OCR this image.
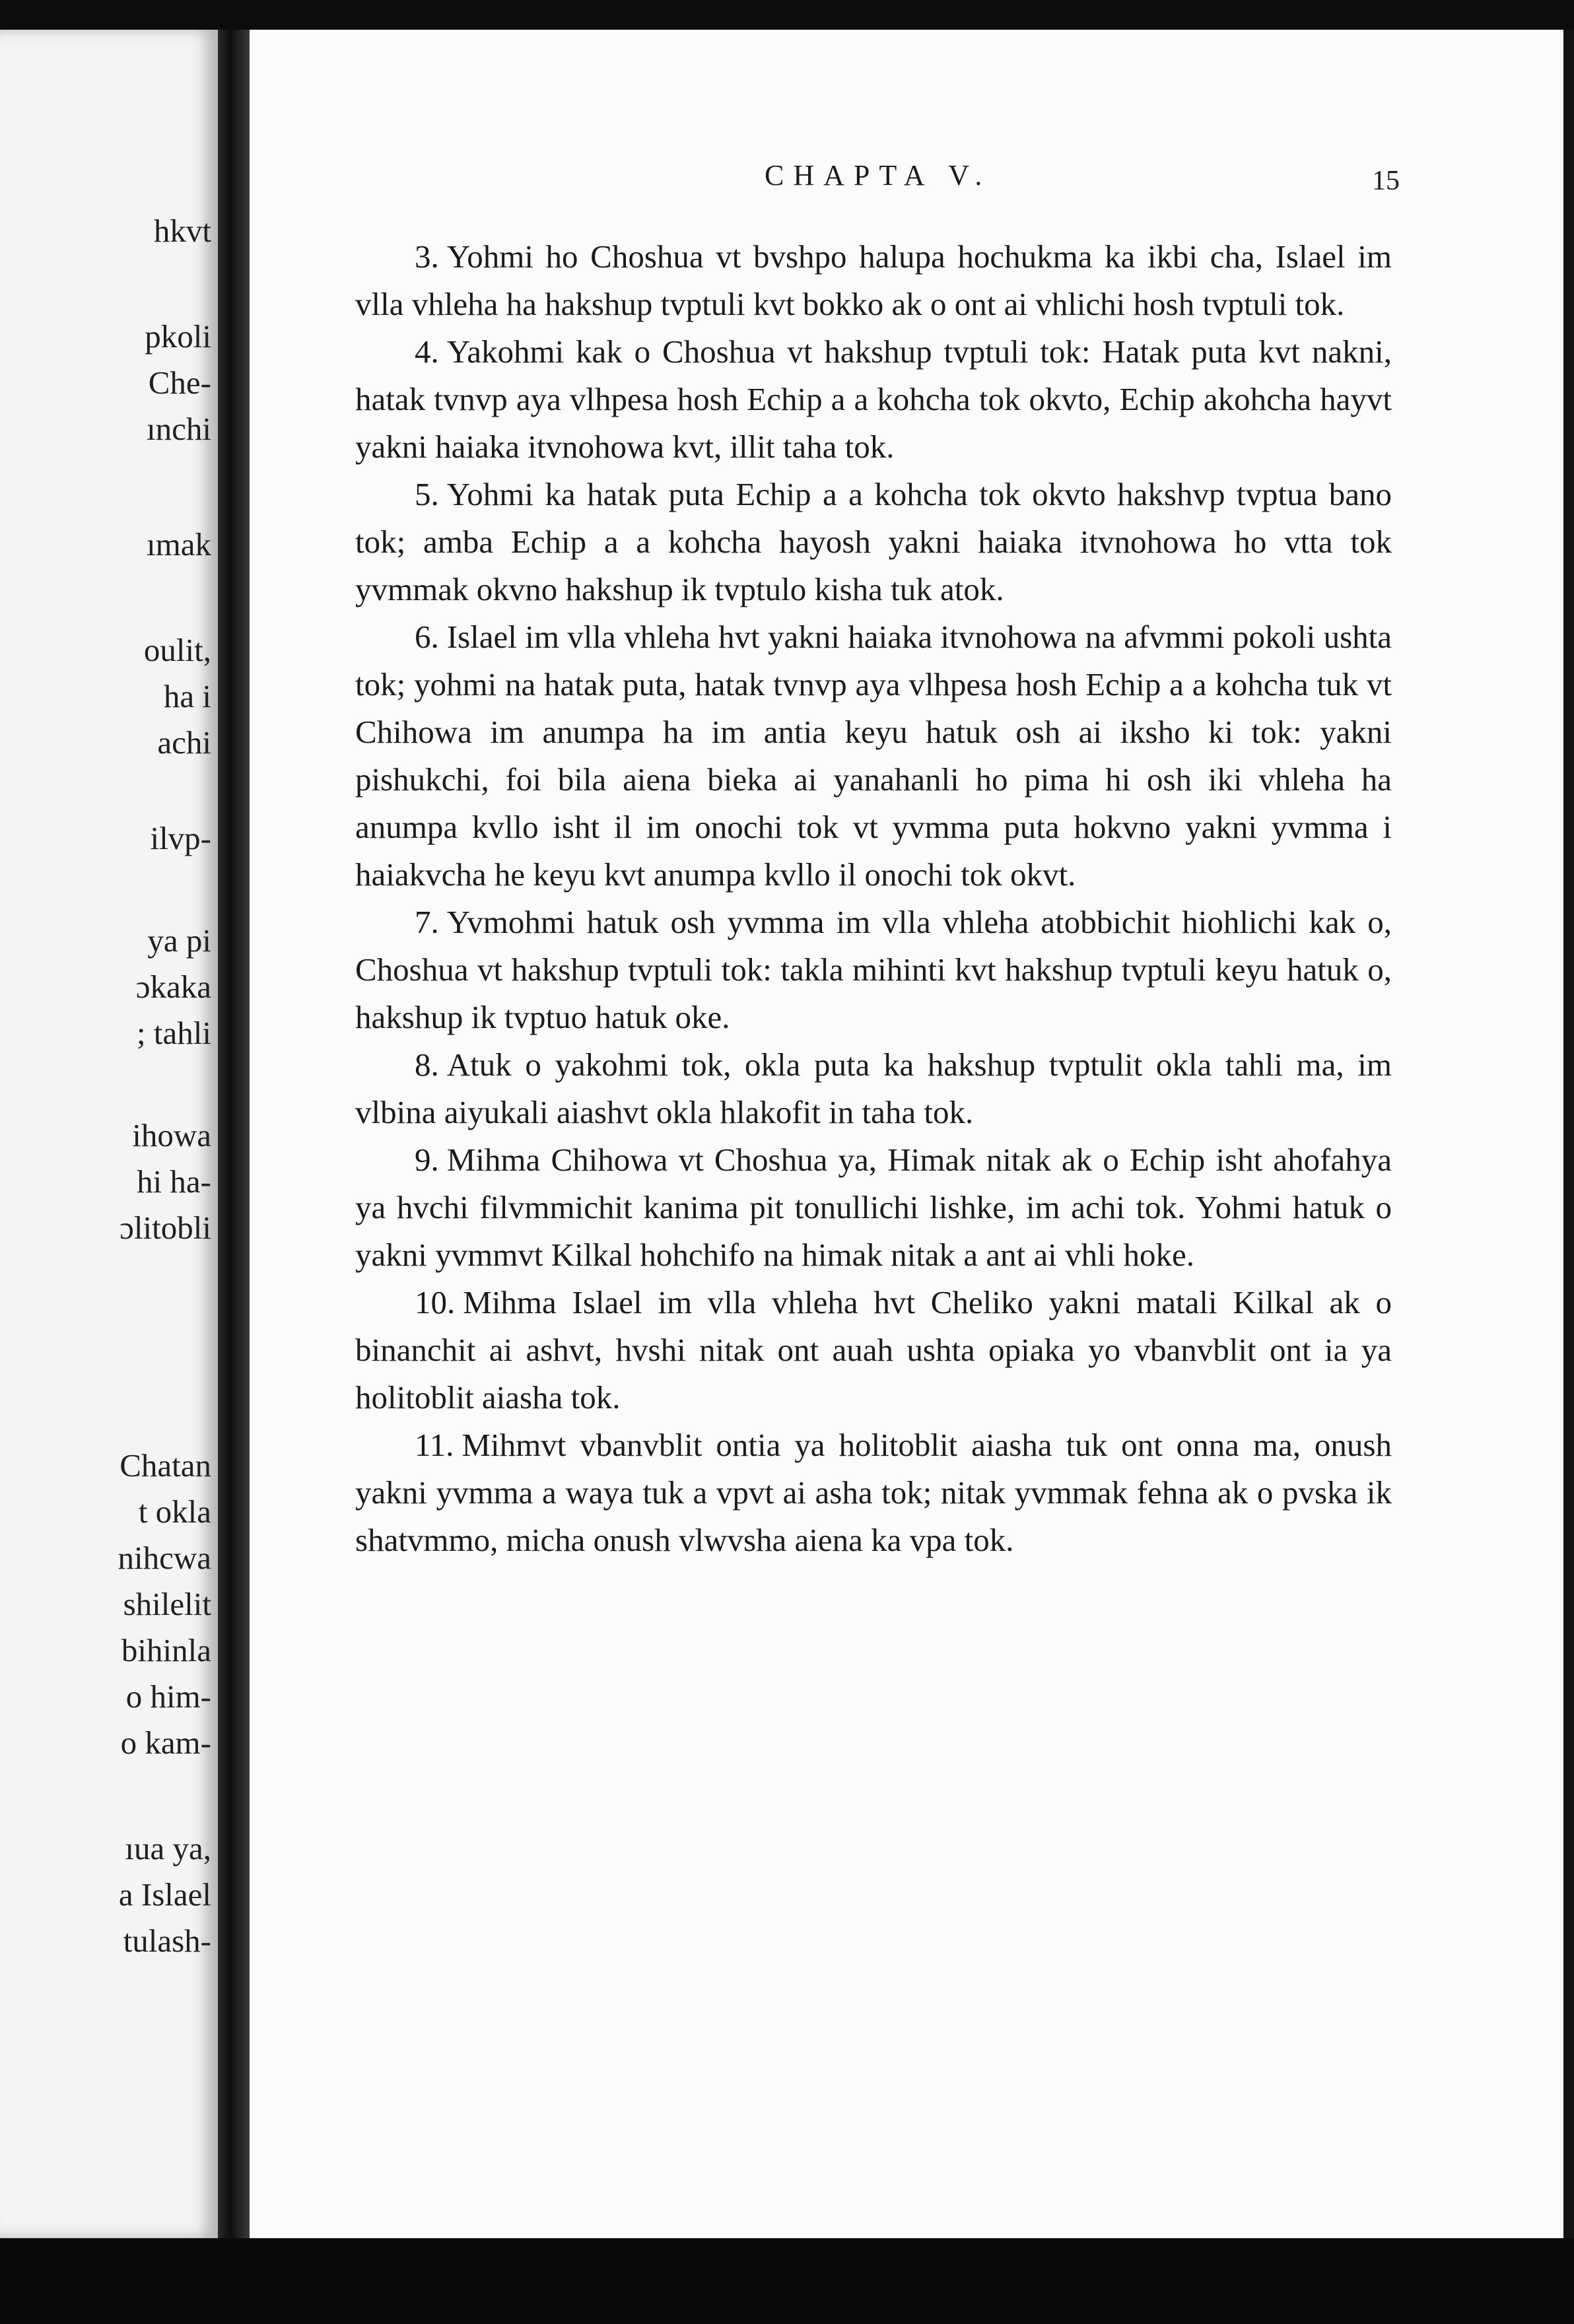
hkvt
pkoli
Che-
ınchi
ımak
oulit,
ha i
achi
ilvp-
ya pi
ɔkaka
; tahli
ihowa
hi ha-
ɔlitobli
Chatan
t okla
nihcwa
shilelit
bihinla
o him-
o kam-
ıua ya,
a Islael
tulash-
CHAPTA V.	15

3. Yohmi ho Choshua vt bvshpo halupa hochukma ka ikbi cha, Islael im vlla vhleha ha hakshup tvptuli kvt bokko ak o ont ai vhlichi hosh tvptuli tok.

4. Yakohmi kak o Choshua vt hakshup tvptuli tok: Hatak puta kvt nakni, hatak tvnvp aya vlhpesa hosh Echip a a kohcha tok okvto, Echip akohcha hayvt yakni haiaka itvnohowa kvt, illit taha tok.

5. Yohmi ka hatak puta Echip a a kohcha tok okvto hakshvp tvptua bano tok; amba Echip a a kohcha hayosh yakni haiaka itvnohowa ho vtta tok yvmmak okvno hakshup ik tvptulo kisha tuk atok.

6. Islael im vlla vhleha hvt yakni haiaka itvnohowa na afvmmi pokoli ushta tok; yohmi na hatak puta, hatak tvnvp aya vlhpesa hosh Echip a a kohcha tuk vt Chihowa im anumpa ha im antia keyu hatuk osh ai iksho ki tok: yakni pishukchi, foi bila aiena bieka ai yanahanli ho pima hi osh iki vhleha ha anumpa kvllo isht il im onochi tok vt yvmma puta hokvno yakni yvmma i haiakvcha he keyu kvt anumpa kvllo il onochi tok okvt.

7. Yvmohmi hatuk osh yvmma im vlla vhleha atobbichit hiohlichi kak o, Choshua vt hakshup tvptuli tok: takla mihinti kvt hakshup tvptuli keyu hatuk o, hakshup ik tvptuo hatuk oke.

8. Atuk o yakohmi tok, okla puta ka hakshup tvptulit okla tahli ma, im vlbina aiyukali aiashvt okla hlakofit in taha tok.

9. Mihma Chihowa vt Choshua ya, Himak nitak ak o Echip isht ahofahya ya hvchi filvmmichit kanima pit tonullichi lishke, im achi tok. Yohmi hatuk o yakni yvmmvt Kilkal hohchifo na himak nitak a ant ai vhli hoke.

10. Mihma Islael im vlla vhleha hvt Cheliko yakni matali Kilkal ak o binanchit ai ashvt, hvshi nitak ont auah ushta opiaka yo vbanvblit ont ia ya holitoblit aiasha tok.

11. Mihmvt vbanvblit ontia ya holitoblit aiasha tuk ont onna ma, onush yakni yvmma a waya tuk a vpvt ai asha tok; nitak yvmmak fehna ak o pvska ik shatvmmo, micha onush vlwvsha aiena ka vpa tok.
